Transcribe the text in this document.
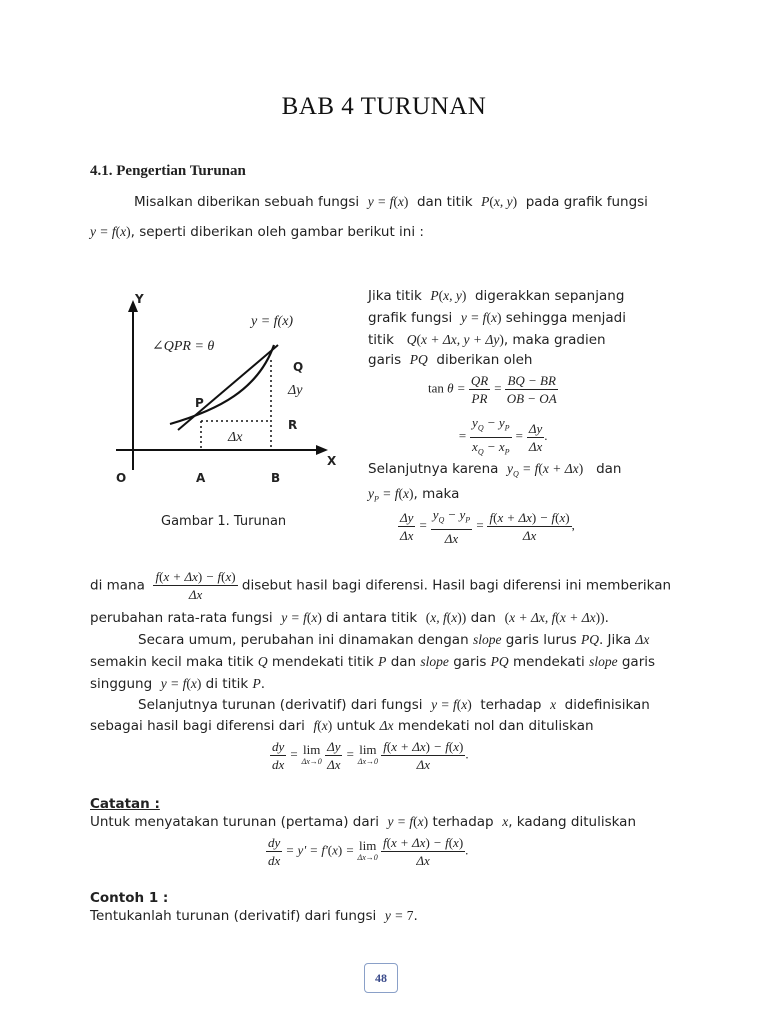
BAB 4 TURUNAN
4.1. Pengertian Turunan
Misalkan diberikan sebuah fungsi y = f(x) dan titik P(x, y) pada grafik fungsi
y = f(x), seperti diberikan oleh gambar berikut ini :
Y
X
O	A	B
P
Q
R
y = f(x)
∠QPR = θ
Δy
Δx
Gambar 1. Turunan
Jika titik P(x, y) digerakkan sepanjang
grafik fungsi y = f(x) sehingga menjadi
titik Q(x + Δx, y + Δy), maka gradien
garis PQ diberikan oleh
$\tan \theta = \frac{QR}{PR} = \frac{BQ - BR}{OB - OA}$
= $\frac{y_Q - y_P}{x_Q - x_P} = \frac{\Delta y}{\Delta x}$ .
Selanjutnya karena $y_Q = f(x + \Delta x)$ dan
$y_P = f(x)$, maka
$\frac{\Delta y}{\Delta x} = \frac{y_Q - y_P}{\Delta x} = \frac{f(x + \Delta x) - f(x)}{\Delta x}$ ,
di mana $\frac{f(x + \Delta x) - f(x)}{\Delta x}$ disebut hasil bagi diferensi. Hasil bagi diferensi ini memberikan
perubahan rata-rata fungsi y = f(x) di antara titik (x, f(x)) dan (x + Δx, f(x + Δx)).
Secara umum, perubahan ini dinamakan dengan slope garis lurus PQ. Jika Δx
semakin kecil maka titik Q mendekati titik P dan slope garis PQ mendekati slope garis
singgung y = f(x) di titik P.
Selanjutnya turunan (derivatif) dari fungsi y = f(x) terhadap x didefinisikan
sebagai hasil bagi diferensi dari f(x) untuk Δx mendekati nol dan dituliskan
$\frac{dy}{dx} = \lim$
Δx→0
$\frac{\Delta y}{\Delta x} = \lim$
Δx→0
$\frac{f(x + \Delta x) - f(x)}{\Delta x}$ .
Catatan :
Untuk menyatakan turunan (pertama) dari y = f(x) terhadap x, kadang dituliskan
$\frac{dy}{dx} = y' = f'(x) = \lim$
Δx→0
$\frac{f(x + \Delta x) - f(x)}{\Delta x}$ .
Contoh 1 :
Tentukanlah turunan (derivatif) dari fungsi y = 7.
48
